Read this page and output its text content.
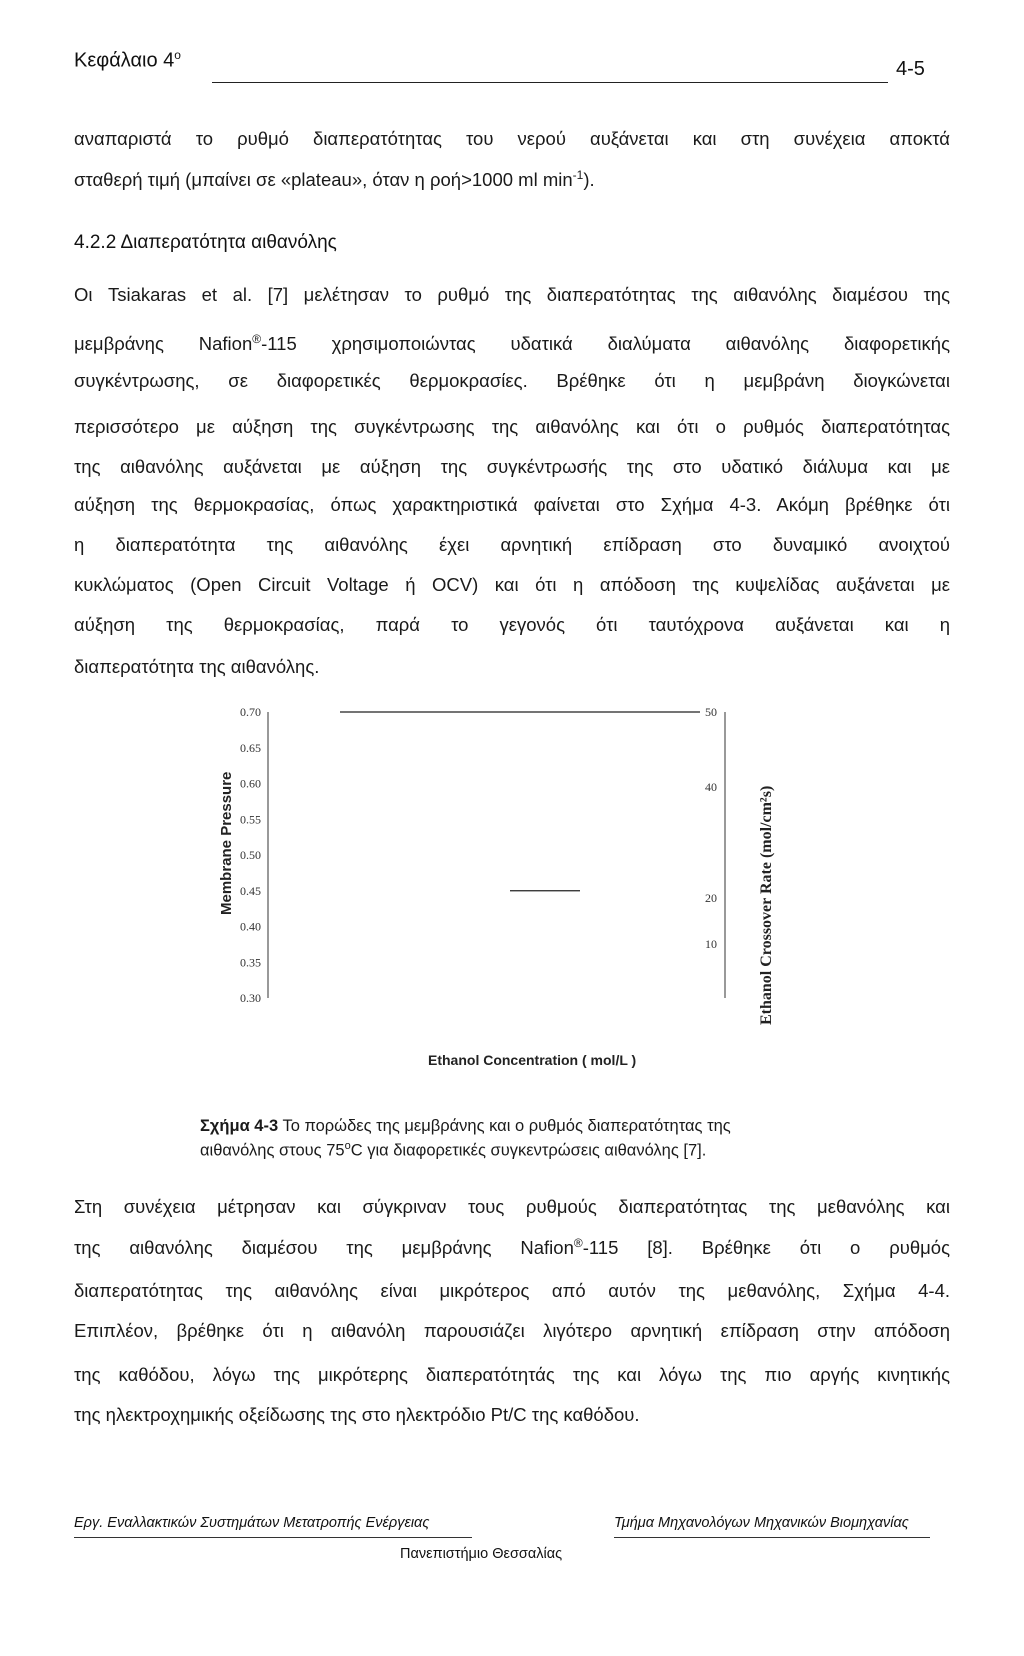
Κεφάλαιο $4^o$
4-5
αναπαριστά το ρυθμό διαπερατότητας του νερού αυξάνεται και στη συνέχεια αποκτά
σταθερή τιμή (μπαίνει σε «plateau», όταν η ροή>1000 ml $\min^{-1}$).
4.2.2 Διαπερατότητα αιθανόλης
Οι Tsiakaras et al. [7] μελέτησαν το ρυθμό της διαπερατότητας της αιθανόλης διαμέσου της
μεμβράνης Nafion®-115 χρησιμοποιώντας υδατικά διαλύματα αιθανόλης διαφορετικής
συγκέντρωσης, σε διαφορετικές θερμοκρασίες. Βρέθηκε ότι η μεμβράνη διογκώνεται
περισσότερο με αύξηση της συγκέντρωσης της αιθανόλης και ότι ο ρυθμός διαπερατότητας
της αιθανόλης αυξάνεται με αύξηση της συγκέντρωσής της στο υδατικό διάλυμα και με
αύξηση της θερμοκρασίας, όπως χαρακτηριστικά φαίνεται στο Σχήμα 4-3. Ακόμη βρέθηκε ότι
η διαπερατότητα της αιθανόλης έχει αρνητική επίδραση στο δυναμικό ανοιχτού
κυκλώματος (Open Circuit Voltage ή OCV) και ότι η απόδοση της κυψελίδας αυξάνεται με
αύξηση της θερμοκρασίας, παρά το γεγονός ότι ταυτόχρονα αυξάνεται και η
διαπερατότητα της αιθανόλης.
0.70
0.65
0.60
0.55
0.50
0.45
0.40
0.35
0.30
50
40
20
10
Membrane Pressure	Ethanol Crossover Rate (mol/cm²s)
Ethanol Concentration ( mol/L )
Σχήμα 4-3 Το πορώδες της μεμβράνης και ο ρυθμός διαπερατότητας της
αιθανόλης στους $75^oC$ για διαφορετικές συγκεντρώσεις αιθανόλης [7].
Στη συνέχεια μέτρησαν και σύγκριναν τους ρυθμούς διαπερατότητας της μεθανόλης και
της αιθανόλης διαμέσου της μεμβράνης Nafion®-115 [8]. Βρέθηκε ότι ο ρυθμός
διαπερατότητας της αιθανόλης είναι μικρότερος από αυτόν της μεθανόλης, Σχήμα 4-4.
Επιπλέον, βρέθηκε ότι η αιθανόλη παρουσιάζει λιγότερο αρνητική επίδραση στην απόδοση
της καθόδου, λόγω της μικρότερης διαπερατότητάς της και λόγω της πιο αργής κινητικής
της ηλεκτροχημικής οξείδωσης της στο ηλεκτρόδιο Pt/C της καθόδου.
Εργ. Εναλλακτικών Συστημάτων Μετατροπής Ενέργειας	Τμήμα Μηχανολόγων Μηχανικών Βιομηχανίας
Πανεπιστήμιο Θεσσαλίας
